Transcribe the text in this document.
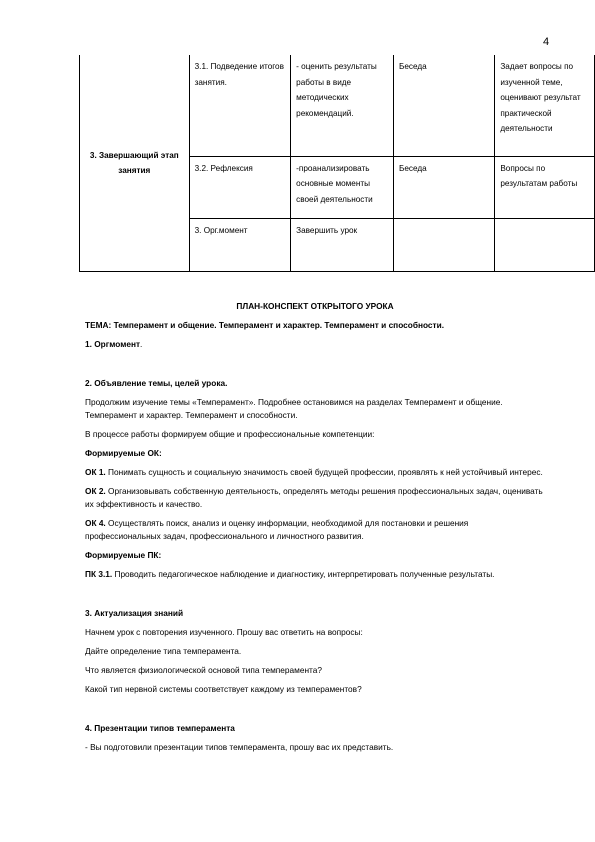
4
3. Завершающий этап занятия	3.1. Подведение итогов занятия.	- оценить результаты работы в виде методических рекомендаций.	Беседа	Задает вопросы по изученной теме, оценивают результат практической деятельности
	3.2. Рефлексия	-проанализировать основные моменты своей деятельности	Беседа	Вопросы по результатам работы
	3. Орг.момент	Завершить урок		

ПЛАН-КОНСПЕКТ ОТКРЫТОГО УРОКА

ТЕМА: Темперамент и общение. Темперамент и характер. Темперамент и способности.

1. Оргмомент.

2. Объявление темы, целей урока.

Продолжим изучение темы «Темперамент». Подробнее остановимся на разделах Темперамент и общение. Темперамент и характер. Темперамент и способности.

В процессе работы формируем общие и профессиональные компетенции:

Формируемые ОК:

ОК 1. Понимать сущность и социальную значимость своей будущей профессии, проявлять к ней устойчивый интерес.

ОК 2. Организовывать собственную деятельность, определять методы решения профессиональных задач, оценивать их эффективность и качество.

ОК 4. Осуществлять поиск, анализ и оценку информации, необходимой для постановки и решения профессиональных задач, профессионального и личностного развития.

Формируемые ПК:

ПК 3.1. Проводить педагогическое наблюдение и диагностику, интерпретировать полученные результаты.

3. Актуализация знаний

Начнем урок с повторения изученного. Прошу вас ответить на вопросы:

Дайте определение типа темперамента.

Что является физиологической основой типа темперамента?

Какой тип нервной системы соответствует каждому из темпераментов?

4. Презентации типов темперамента

- Вы подготовили презентации типов темперамента, прошу вас их представить.
